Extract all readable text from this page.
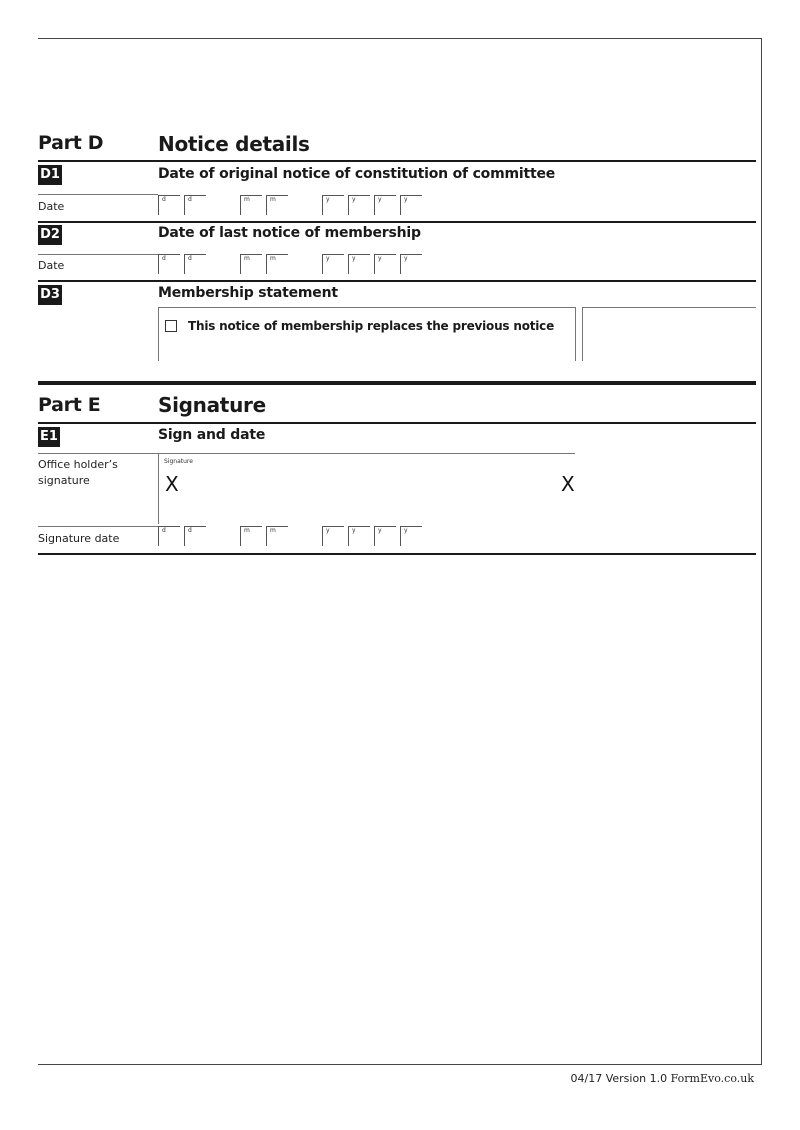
Part D	Notice details
D1	Date of original notice of constitution of committee
Date
d	d	m	m	y	y	y	y
D2	Date of last notice of membership
Date
d	d	m	m	y	y	y	y
D3	Membership statement
This notice of membership replaces the previous notice
Part E	Signature
E1	Sign and date
Office holder’s signature
Signature
X	X
Signature date
d	d	m	m	y	y	y	y
04/17 Version 1.0 FormEvo.co.uk
